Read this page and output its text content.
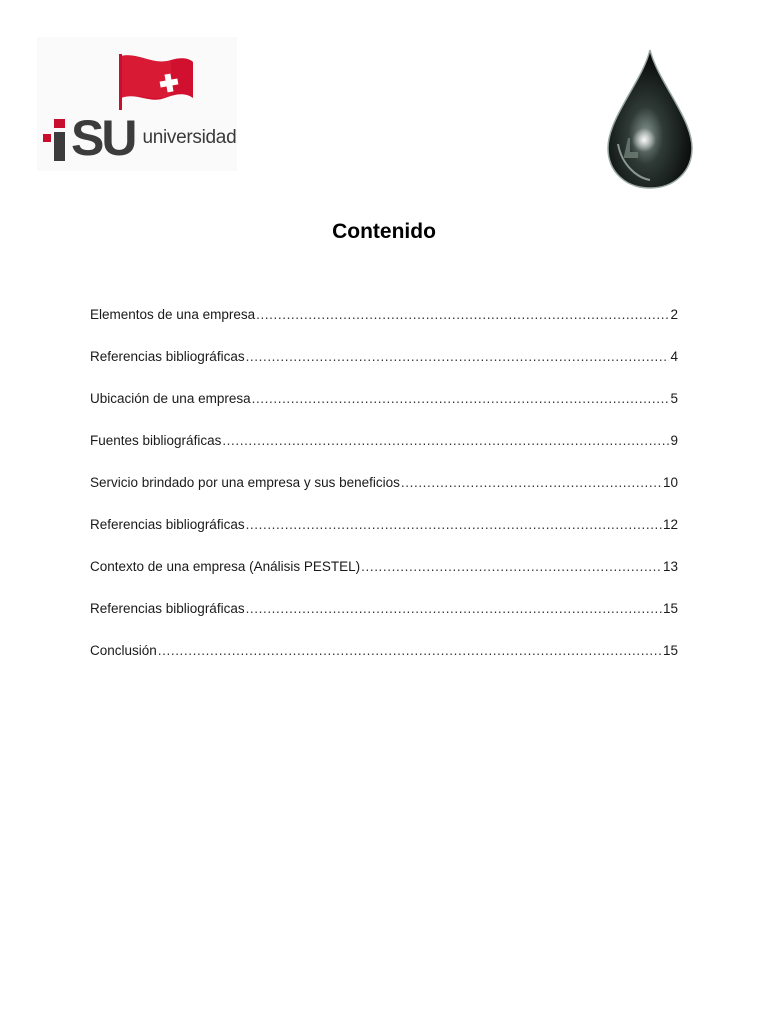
SU universidad
Contenido
Elementos de una empresa .....	2
Referencias bibliográficas .....	4
Ubicación de una empresa .....	5
Fuentes bibliográficas .....	9
Servicio brindado por una empresa y sus beneficios .....	10
Referencias bibliográficas .....	12
Contexto de una empresa (Análisis PESTEL) .....	13
Referencias bibliográficas .....	15
Conclusión .....	15
